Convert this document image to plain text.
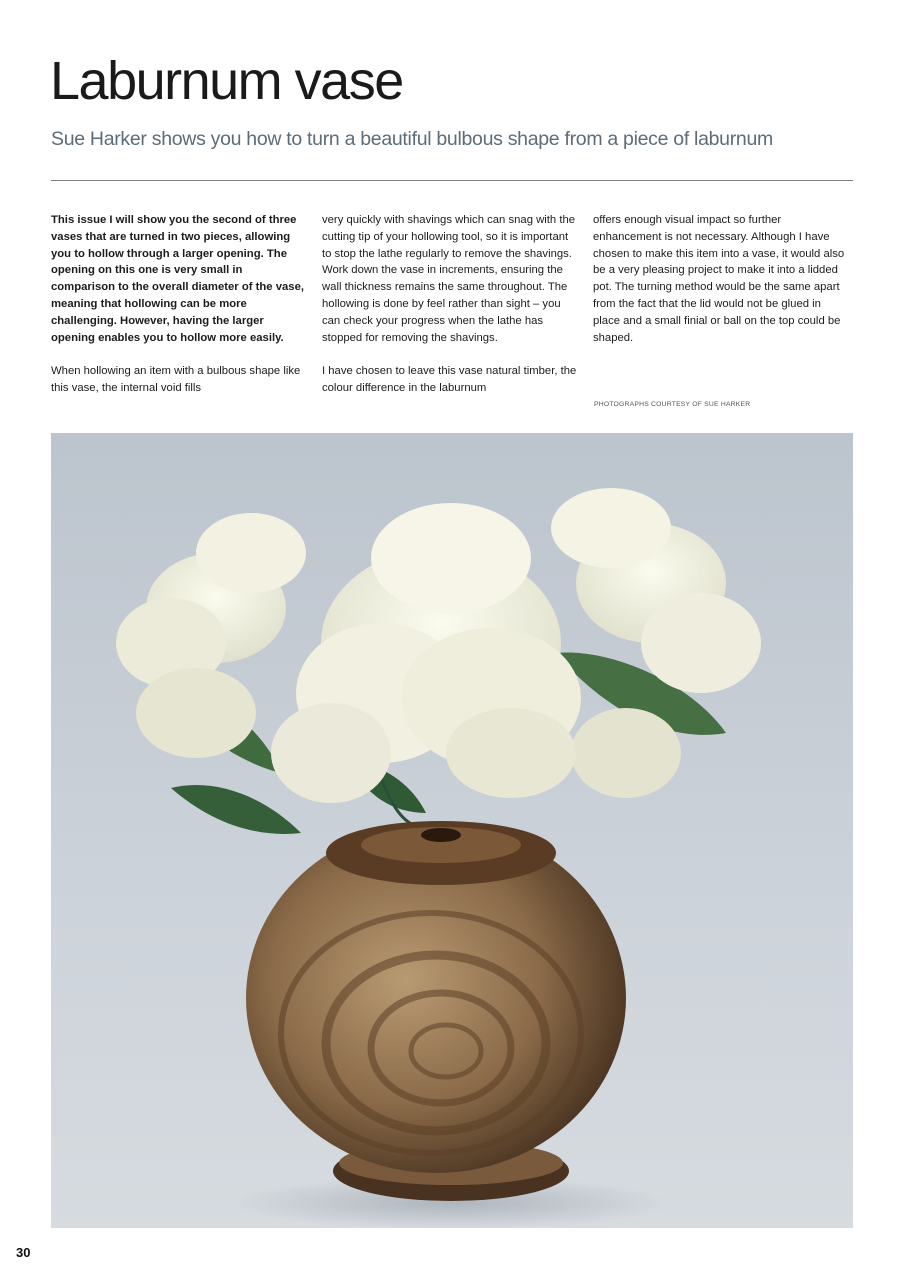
Laburnum vase

Sue Harker shows you how to turn a beautiful bulbous shape from a piece of laburnum

This issue I will show you the second of three vases that are turned in two pieces, allowing you to hollow through a larger opening. The opening on this one is very small in comparison to the overall diameter of the vase, meaning that hollowing can be more challenging. However, having the larger opening enables you to hollow more easily.

When hollowing an item with a bulbous shape like this vase, the internal void fills

very quickly with shavings which can snag with the cutting tip of your hollowing tool, so it is important to stop the lathe regularly to remove the shavings. Work down the vase in increments, ensuring the wall thickness remains the same throughout. The hollowing is done by feel rather than sight – you can check your progress when the lathe has stopped for removing the shavings.

I have chosen to leave this vase natural timber, the colour difference in the laburnum

offers enough visual impact so further enhancement is not necessary. Although I have chosen to make this item into a vase, it would also be a very pleasing project to make it into a lidded pot. The turning method would be the same apart from the fact that the lid would not be glued in place and a small finial or ball on the top could be shaped.

PHOTOGRAPHS COURTESY OF SUE HARKER
30
